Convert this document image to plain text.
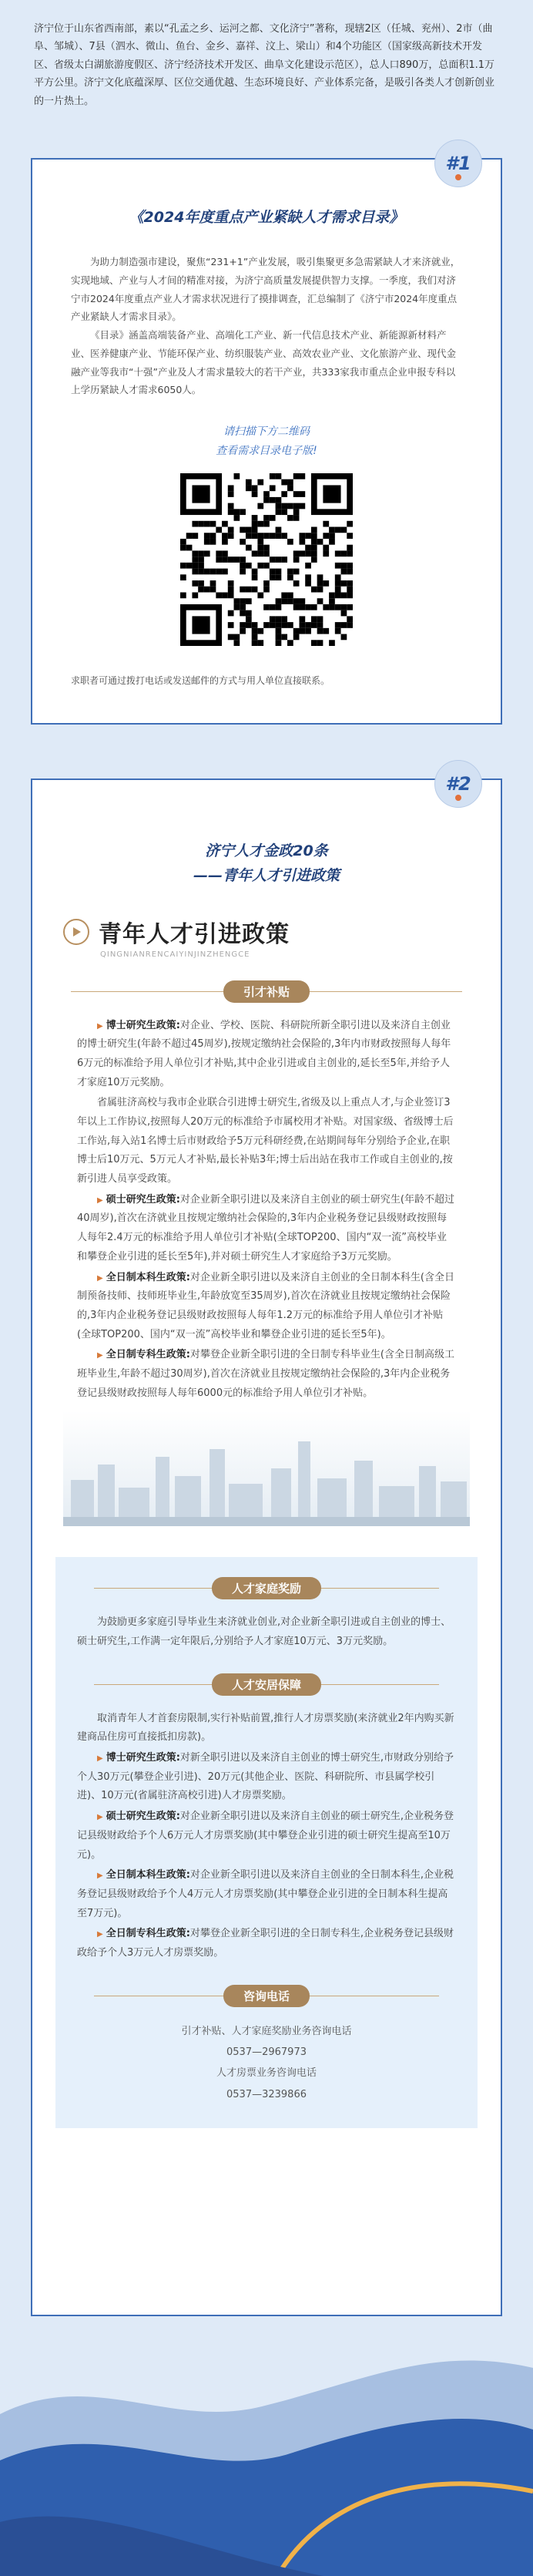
济宁位于山东省西南部，素以“孔孟之乡、运河之都、文化济宁”著称，现辖2区（任城、兖州）、2市（曲阜、邹城）、7县（泗水、微山、鱼台、金乡、嘉祥、汶上、梁山）和4个功能区（国家级高新技术开发区、省级太白湖旅游度假区、济宁经济技术开发区、曲阜文化建设示范区），总人口890万，总面积1.1万平方公里。济宁文化底蕴深厚、区位交通优越、生态环境良好、产业体系完备，是吸引各类人才创新创业的一片热土。
#1
《2024年度重点产业紧缺人才需求目录》

为助力制造强市建设，聚焦“231+1”产业发展，吸引集聚更多急需紧缺人才来济就业，实现地域、产业与人才间的精准对接，为济宁高质量发展提供智力支撑。一季度，我们对济宁市2024年度重点产业人才需求状况进行了摸排调查，汇总编制了《济宁市2024年度重点产业紧缺人才需求目录》。

《目录》涵盖高端装备产业、高端化工产业、新一代信息技术产业、新能源新材料产业、医养健康产业、节能环保产业、纺织服装产业、高效农业产业、文化旅游产业、现代金融产业等我市“十强”产业及人才需求量较大的若干产业，共333家我市重点企业申报专科以上学历紧缺人才需求6050人。

请扫描下方二维码
查看需求目录电子版!
求职者可通过拨打电话或发送邮件的方式与用人单位直接联系。
#2
济宁人才金政20条
——青年人才引进政策
青年人才引进政策
QINGNIANRENCAIYINJINZHENGCE
引才补贴

▶ 博士研究生政策:对企业、学校、医院、科研院所新全职引进以及来济自主创业的博士研究生(年龄不超过45周岁),按规定缴纳社会保险的,3年内市财政按照每人每年6万元的标准给予用人单位引才补贴,其中企业引进或自主创业的,延长至5年,并给予人才家庭10万元奖励。

省属驻济高校与我市企业联合引进博士研究生,省级及以上重点人才,与企业签订3年以上工作协议,按照每人20万元的标准给予市属校用才补贴。对国家级、省级博士后工作站,每入站1名博士后市财政给予5万元科研经费,在站期间每年分别给予企业,在职博士后10万元、5万元人才补贴,最长补贴3年;博士后出站在我市工作或自主创业的,按新引进人员享受政策。

▶ 硕士研究生政策:对企业新全职引进以及来济自主创业的硕士研究生(年龄不超过40周岁),首次在济就业且按规定缴纳社会保险的,3年内企业税务登记县级财政按照每人每年2.4万元的标准给予用人单位引才补贴(全球TOP200、国内“双一流”高校毕业和攀登企业引进的延长至5年),并对硕士研究生人才家庭给予3万元奖励。

▶ 全日制本科生政策:对企业新全职引进以及来济自主创业的全日制本科生(含全日制预备技师、技师班毕业生,年龄放宽至35周岁),首次在济就业且按规定缴纳社会保险的,3年内企业税务登记县级财政按照每人每年1.2万元的标准给予用人单位引才补贴(全球TOP200、国内“双一流”高校毕业和攀登企业引进的延长至5年)。

▶ 全日制专科生政策:对攀登企业新全职引进的全日制专科毕业生(含全日制高级工班毕业生,年龄不超过30周岁),首次在济就业且按规定缴纳社会保险的,3年内企业税务登记县级财政按照每人每年6000元的标准给予用人单位引才补贴。

人才家庭奖励

为鼓励更多家庭引导毕业生来济就业创业,对企业新全职引进或自主创业的博士、硕士研究生,工作满一定年限后,分别给予人才家庭10万元、3万元奖励。

人才安居保障

取消青年人才首套房限制,实行补贴前置,推行人才房票奖励(来济就业2年内购买新建商品住房可直接抵扣房款)。

▶ 博士研究生政策:对新全职引进以及来济自主创业的博士研究生,市财政分别给予个人30万元(攀登企业引进)、20万元(其他企业、医院、科研院所、市县属学校引进)、10万元(省属驻济高校引进)人才房票奖励。

▶ 硕士研究生政策:对企业新全职引进以及来济自主创业的硕士研究生,企业税务登记县级财政给予个人6万元人才房票奖励(其中攀登企业引进的硕士研究生提高至10万元)。

▶ 全日制本科生政策:对企业新全职引进以及来济自主创业的全日制本科生,企业税务登记县级财政给予个人4万元人才房票奖励(其中攀登企业引进的全日制本科生提高至7万元)。

▶ 全日制专科生政策:对攀登企业新全职引进的全日制专科生,企业税务登记县级财政给予个人3万元人才房票奖励。

咨询电话
引才补贴、人才家庭奖励业务咨询电话
0537—2967973
人才房票业务咨询电话
0537—3239866
